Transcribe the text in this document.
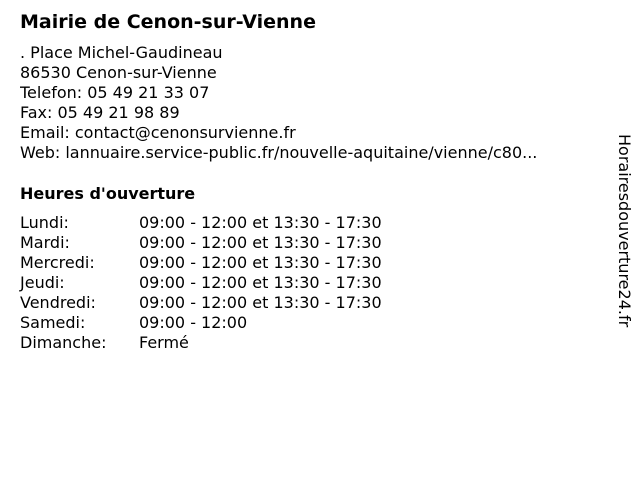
Mairie de Cenon-sur-Vienne
. Place Michel-Gaudineau
86530 Cenon-sur-Vienne
Telefon: 05 49 21 33 07
Fax: 05 49 21 98 89
Email: contact@cenonsurvienne.fr
Web: lannuaire.service-public.fr/nouvelle-aquitaine/vienne/c80...
Heures d'ouverture
Lundi:	09:00 - 12:00 et 13:30 - 17:30
Mardi:	09:00 - 12:00 et 13:30 - 17:30
Mercredi:	09:00 - 12:00 et 13:30 - 17:30
Jeudi:	09:00 - 12:00 et 13:30 - 17:30
Vendredi:	09:00 - 12:00 et 13:30 - 17:30
Samedi:	09:00 - 12:00
Dimanche: Fermé
Horairesdouverture24.fr
